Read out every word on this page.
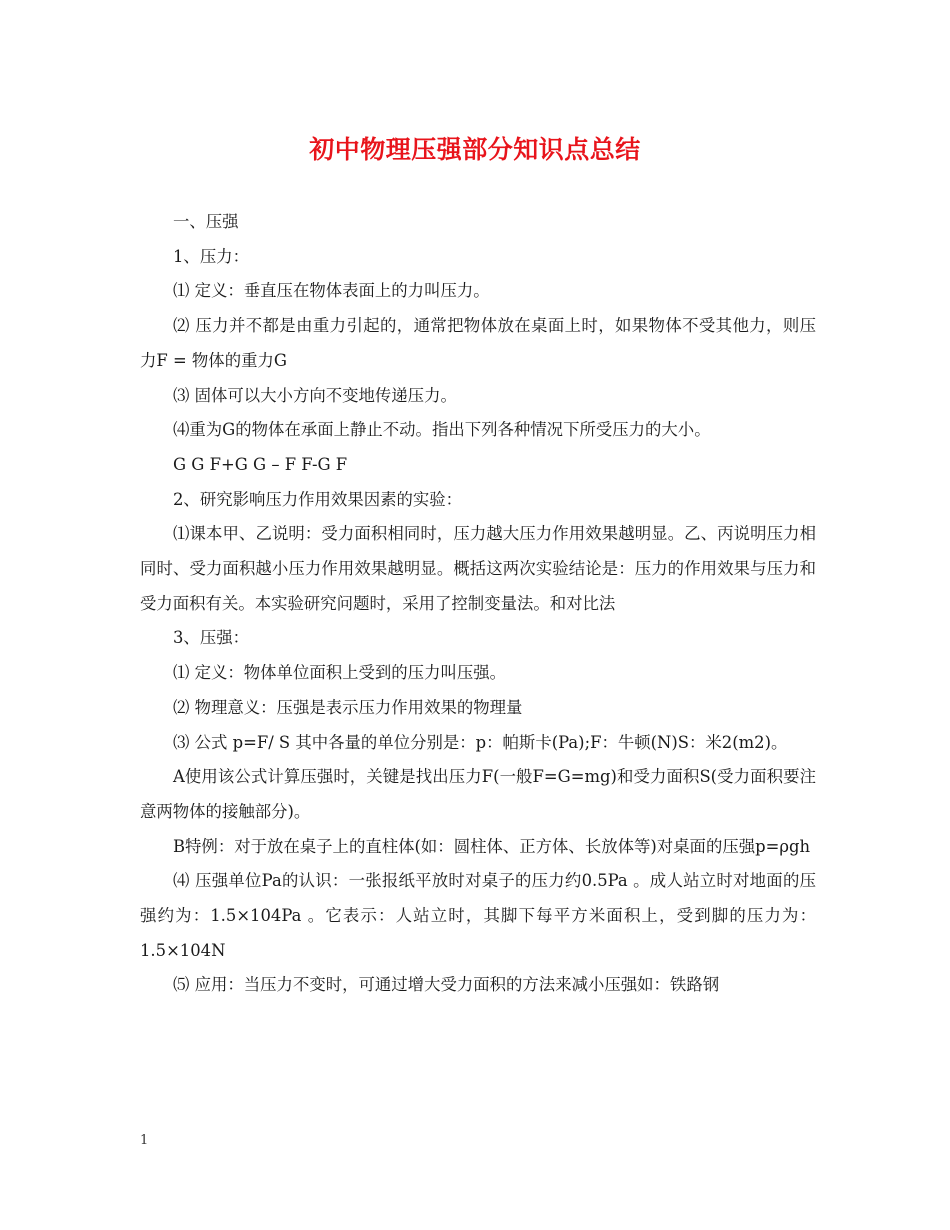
初中物理压强部分知识点总结

一、压强

1、压力：

⑴ 定义：垂直压在物体表面上的力叫压力。

⑵ 压力并不都是由重力引起的，通常把物体放在桌面上时，如果物体不受其他力，则压力F = 物体的重力G

⑶ 固体可以大小方向不变地传递压力。

⑷重为G的物体在承面上静止不动。指出下列各种情况下所受压力的大小。

G G F+G G – F F-G F

2、研究影响压力作用效果因素的实验：

⑴课本甲、乙说明：受力面积相同时，压力越大压力作用效果越明显。乙、丙说明压力相同时、受力面积越小压力作用效果越明显。概括这两次实验结论是：压力的作用效果与压力和受力面积有关。本实验研究问题时，采用了控制变量法。和对比法

3、压强：

⑴ 定义：物体单位面积上受到的压力叫压强。

⑵ 物理意义：压强是表示压力作用效果的物理量

⑶ 公式 p=F/ S 其中各量的单位分别是：p：帕斯卡(Pa);F：牛顿(N)S：米2(m2)。

A使用该公式计算压强时，关键是找出压力F(一般F=G=mg)和受力面积S(受力面积要注意两物体的接触部分)。

B特例：对于放在桌子上的直柱体(如：圆柱体、正方体、长放体等)对桌面的压强p=ρgh

⑷ 压强单位Pa的认识：一张报纸平放时对桌子的压力约0.5Pa 。成人站立时对地面的压强约为：1.5×104Pa 。它表示：人站立时，其脚下每平方米面积上，受到脚的压力为：1.5×104N

⑸ 应用：当压力不变时，可通过增大受力面积的方法来减小压强如：铁路钢

1
